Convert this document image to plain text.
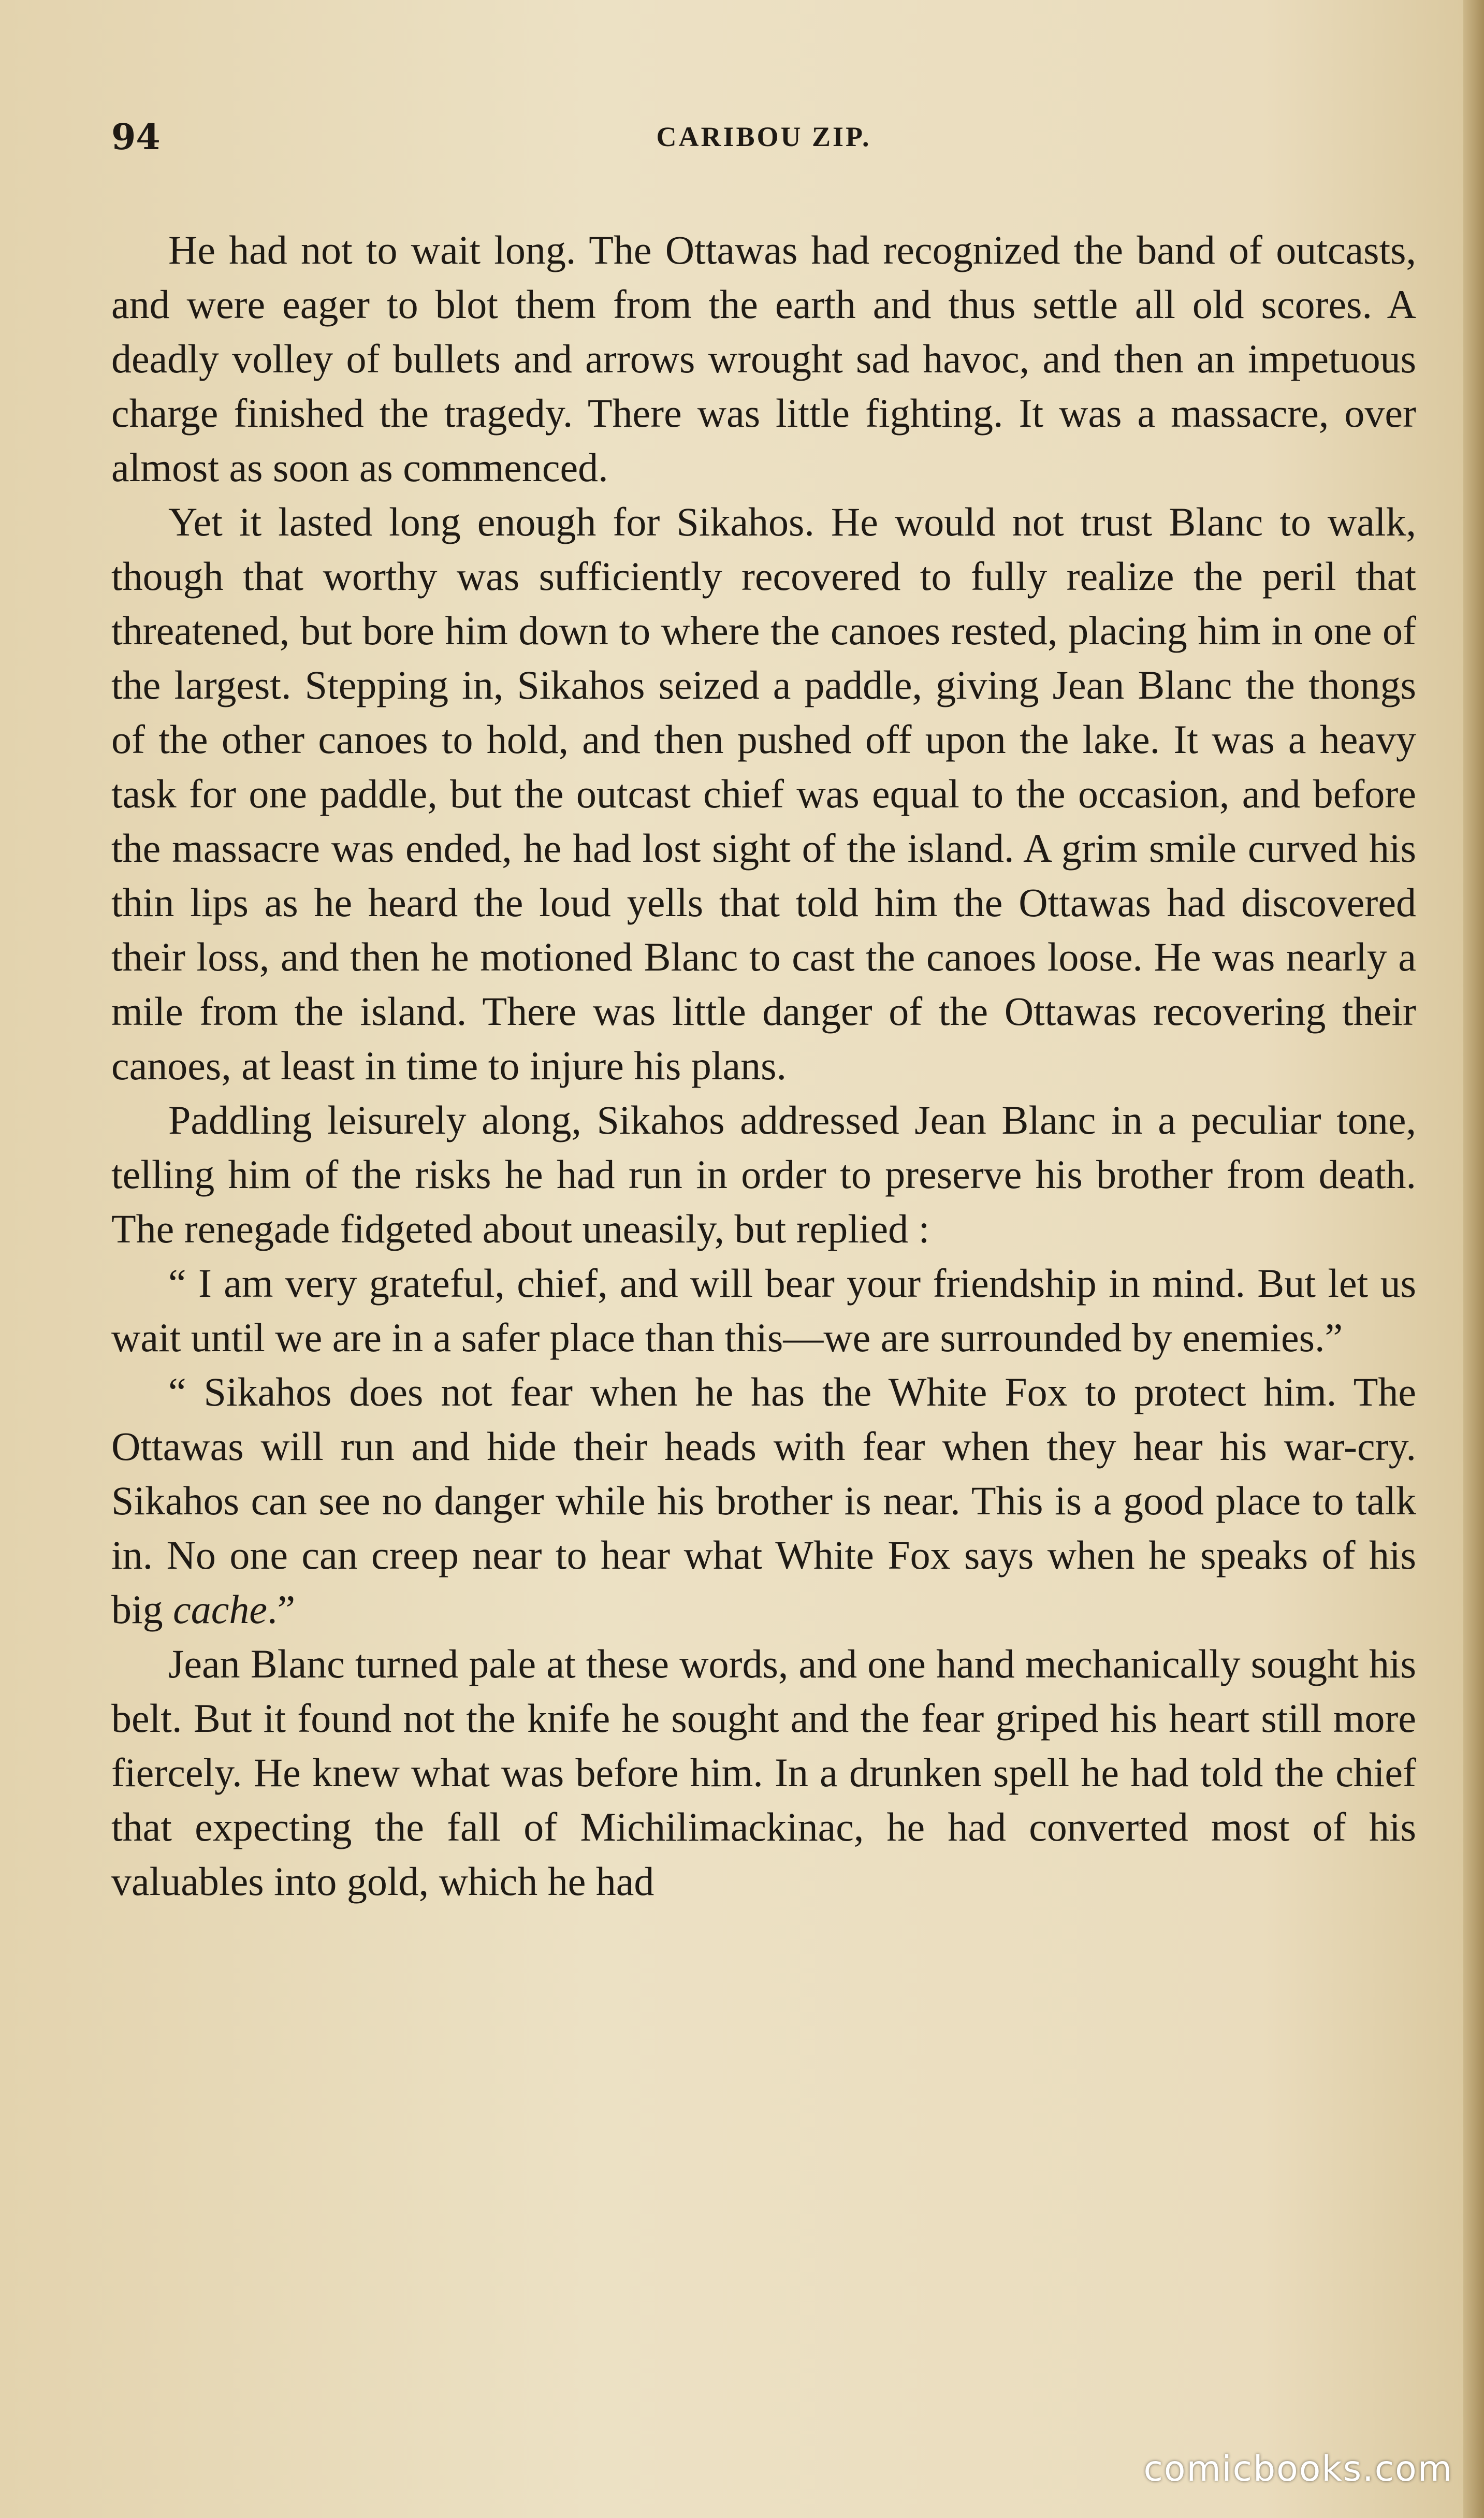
94	CARIBOU ZIP.

He had not to wait long. The Ottawas had recognized the band of outcasts, and were eager to blot them from the earth and thus settle all old scores. A deadly volley of bullets and arrows wrought sad havoc, and then an impetuous charge finished the tragedy. There was little fighting. It was a massacre, over almost as soon as commenced.

Yet it lasted long enough for Sikahos. He would not trust Blanc to walk, though that worthy was sufficiently recovered to fully realize the peril that threatened, but bore him down to where the canoes rested, placing him in one of the largest. Stepping in, Sikahos seized a paddle, giving Jean Blanc the thongs of the other canoes to hold, and then pushed off upon the lake. It was a heavy task for one paddle, but the outcast chief was equal to the occasion, and before the massacre was ended, he had lost sight of the island. A grim smile curved his thin lips as he heard the loud yells that told him the Ottawas had discovered their loss, and then he motioned Blanc to cast the canoes loose. He was nearly a mile from the island. There was little danger of the Ottawas recovering their canoes, at least in time to injure his plans.

Paddling leisurely along, Sikahos addressed Jean Blanc in a peculiar tone, telling him of the risks he had run in order to preserve his brother from death. The renegade fidgeted about uneasily, but replied :

“ I am very grateful, chief, and will bear your friendship in mind. But let us wait until we are in a safer place than this—we are surrounded by enemies.”

“ Sikahos does not fear when he has the White Fox to protect him. The Ottawas will run and hide their heads with fear when they hear his war-cry. Sikahos can see no danger while his brother is near. This is a good place to talk in. No one can creep near to hear what White Fox says when he speaks of his big cache.”

Jean Blanc turned pale at these words, and one hand mechanically sought his belt. But it found not the knife he sought and the fear griped his heart still more fiercely. He knew what was before him. In a drunken spell he had told the chief that expecting the fall of Michilimackinac, he had converted most of his valuables into gold, which he had

comicbooks.com
